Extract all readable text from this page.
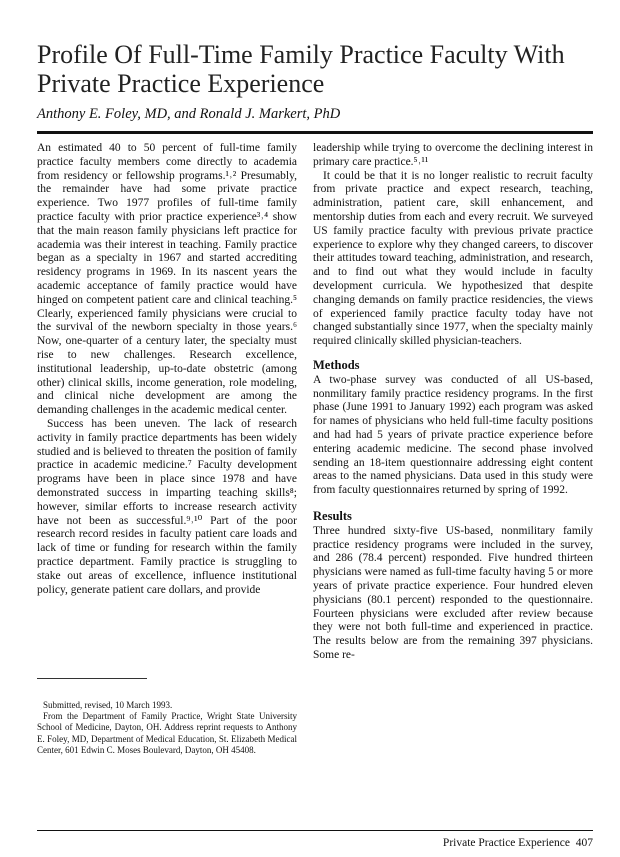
Profile Of Full-Time Family Practice Faculty With Private Practice Experience
Anthony E. Foley, MD, and Ronald J. Markert, PhD

An estimated 40 to 50 percent of full-time family practice faculty members come directly to academia from residency or fellowship programs.¹˒² Presumably, the remainder have had some private practice experience. Two 1977 profiles of full-time family practice faculty with prior practice experience³˒⁴ show that the main reason family physicians left practice for academia was their interest in teaching. Family practice began as a specialty in 1967 and started accrediting residency programs in 1969. In its nascent years the academic acceptance of family practice would have hinged on competent patient care and clinical teaching.⁵ Clearly, experienced family physicians were crucial to the survival of the newborn specialty in those years.⁶ Now, one-quarter of a century later, the specialty must rise to new challenges. Research excellence, institutional leadership, up-to-date obstetric (among other) clinical skills, income generation, role modeling, and clinical niche development are among the demanding challenges in the academic medical center.

Success has been uneven. The lack of research activity in family practice departments has been widely studied and is believed to threaten the position of family practice in academic medicine.⁷ Faculty development programs have been in place since 1978 and have demonstrated success in imparting teaching skills⁸; however, similar efforts to increase research activity have not been as successful.⁹˒¹⁰ Part of the poor research record resides in faculty patient care loads and lack of time or funding for research within the family practice department. Family practice is struggling to stake out areas of excellence, influence institutional policy, generate patient care dollars, and provide

Submitted, revised, 10 March 1993.

From the Department of Family Practice, Wright State University School of Medicine, Dayton, OH. Address reprint requests to Anthony E. Foley, MD, Department of Medical Education, St. Elizabeth Medical Center, 601 Edwin C. Moses Boulevard, Dayton, OH 45408.

leadership while trying to overcome the declining interest in primary care practice.⁵˒¹¹

It could be that it is no longer realistic to recruit faculty from private practice and expect research, teaching, administration, patient care, skill enhancement, and mentorship duties from each and every recruit. We surveyed US family practice faculty with previous private practice experience to explore why they changed careers, to discover their attitudes toward teaching, administration, and research, and to find out what they would include in faculty development curricula. We hypothesized that despite changing demands on family practice residencies, the views of experienced family practice faculty today have not changed substantially since 1977, when the specialty mainly required clinically skilled physician-teachers.

Methods

A two-phase survey was conducted of all US-based, nonmilitary family practice residency programs. In the first phase (June 1991 to January 1992) each program was asked for names of physicians who held full-time faculty positions and had had 5 years of private practice experience before entering academic medicine. The second phase involved sending an 18-item questionnaire addressing eight content areas to the named physicians. Data used in this study were from faculty questionnaires returned by spring of 1992.

Results

Three hundred sixty-five US-based, nonmilitary family practice residency programs were included in the survey, and 286 (78.4 percent) responded. Five hundred thirteen physicians were named as full-time faculty having 5 or more years of private practice experience. Four hundred eleven physicians (80.1 percent) responded to the questionnaire. Fourteen physicians were excluded after review because they were not both full-time and experienced in practice. The results below are from the remaining 397 physicians. Some re-

Private Practice Experience 407
